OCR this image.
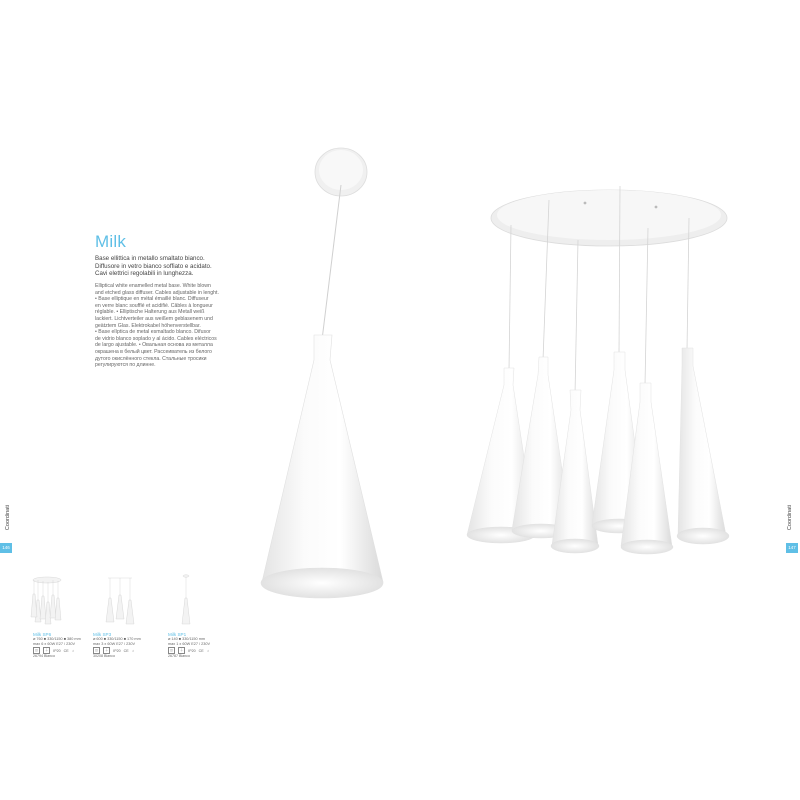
Milk
Base ellittica in metallo smaltato bianco.
Diffusore in vetro bianco soffiato e acidato.
Cavi elettrici regolabili in lunghezza.
Elliptical white enamelled metal base. White blown
and etched glass diffuser. Cables adjustable in lenght.
• Base elliptique en métal émaillé blanc. Diffuseur
en verre blanc soufflé et acidifié. Câbles à longueur
réglable. • Elliptische Halterung aus Metall weiß
lackiert. Lichtverteiler aus weißem geblasenem und
geätztem Glas. Elektrokabel höhenverstellbar.
• Base elíptica de metal esmaltado blanco. Difusor
de vidrio blanco soplado y al ácido. Cables eléctricos
de largo ajustable. • Овальная основа из металла
окрашена в белый цвет. Рассеиватель из белого
дутого окислённого стекла. Стальные тросики
регулируются по длинне.
Coordinati
146
Coordinati
147
Milk SP6
⌀ 760 ■ 330/1150 ■ 380 mm
max 6 x 60W E27 / 230V
◫	⏚	IP20 CE ♁
26794 Bianco
Milk SP3
⌀ 600 ■ 330/1150 ■ 170 mm
max 3 x 60W E27 / 230V
◫	⏚	IP20 CE ♁
30208 Bianco
Milk SP1
⌀ 140 ■ 330/1150 mm
max 1 x 60W E27 / 230V
◫	⏚	IP20 CE ♁
26787 Bianco
